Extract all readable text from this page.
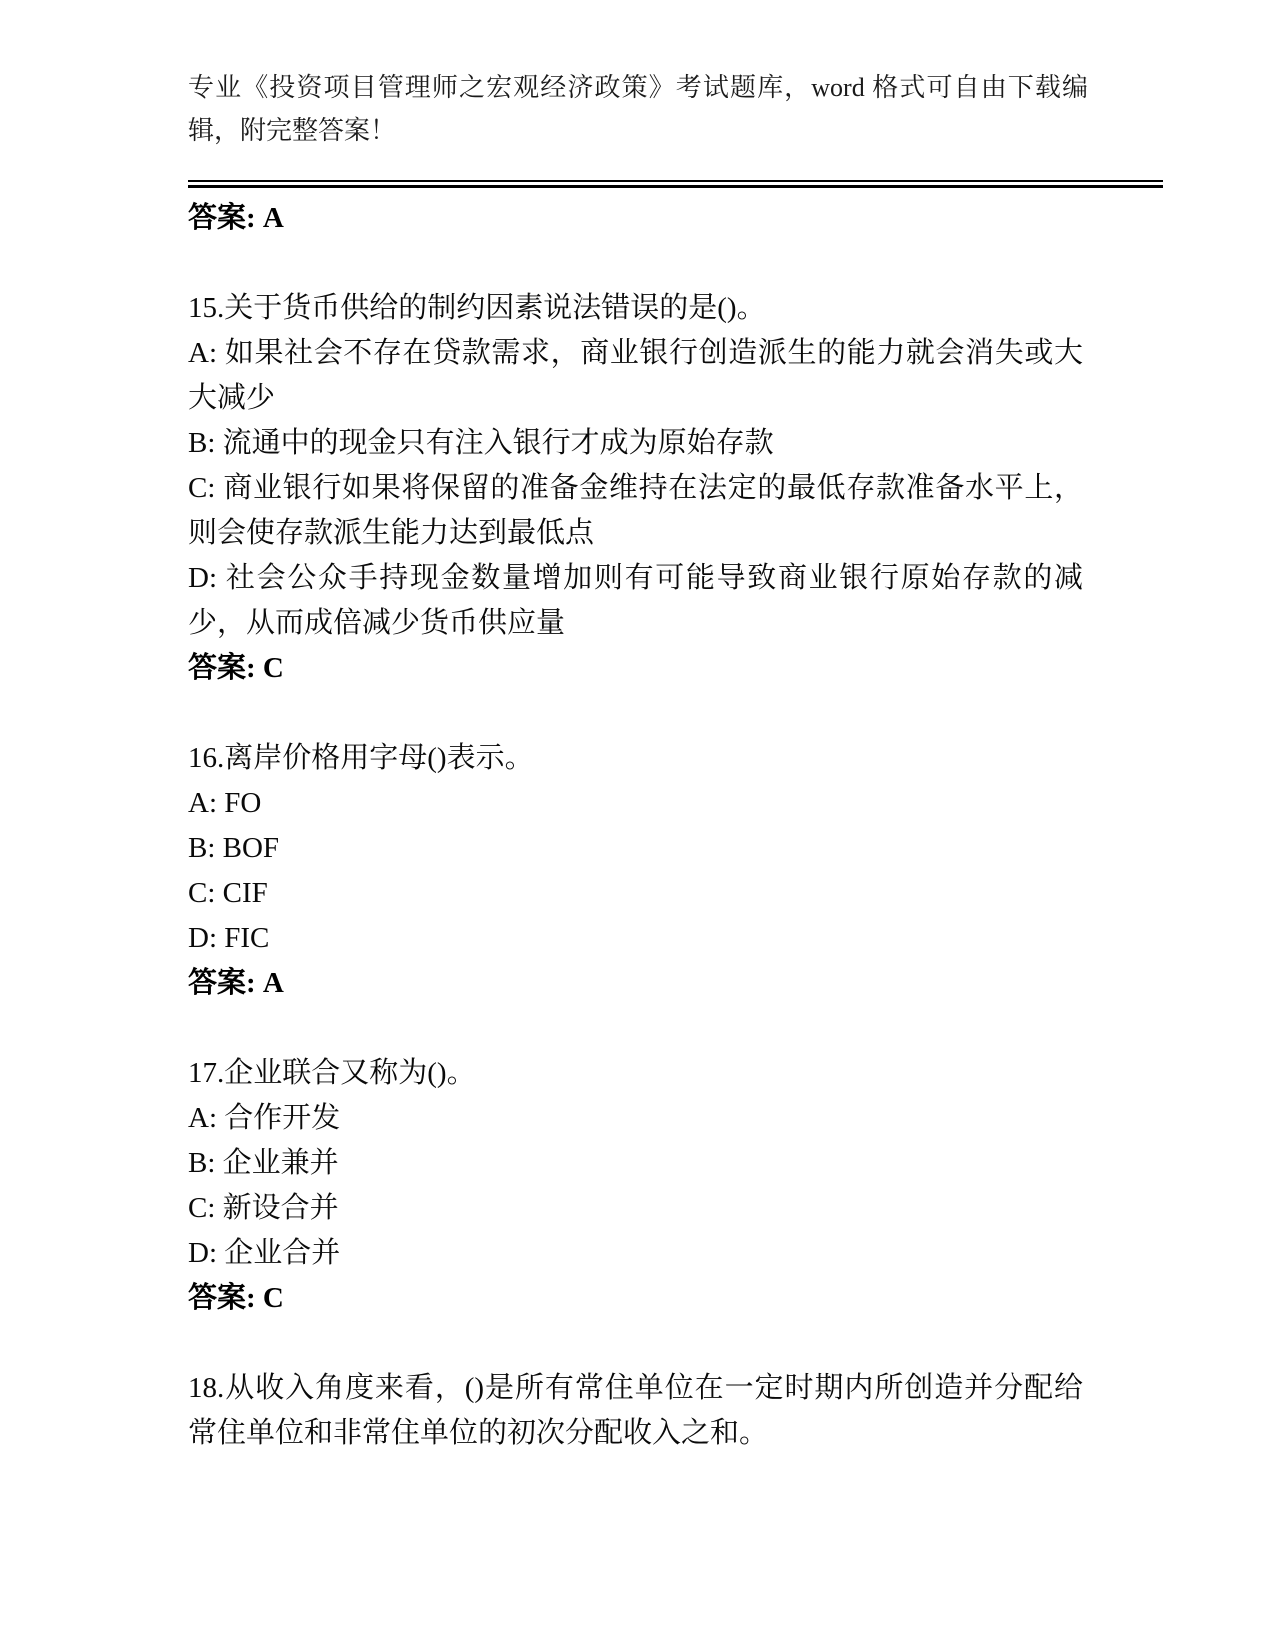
专业《投资项目管理师之宏观经济政策》考试题库，word 格式可自由下载编辑，附完整答案！

答案: A

15.关于货币供给的制约因素说法错误的是()。

A: 如果社会不存在贷款需求，商业银行创造派生的能力就会消失或大大减少

B: 流通中的现金只有注入银行才成为原始存款

C: 商业银行如果将保留的准备金维持在法定的最低存款准备水平上，则会使存款派生能力达到最低点

D: 社会公众手持现金数量增加则有可能导致商业银行原始存款的减少，从而成倍减少货币供应量

答案: C

16.离岸价格用字母()表示。

A: FO

B: BOF

C: CIF

D: FIC

答案: A

17.企业联合又称为()。

A: 合作开发

B: 企业兼并

C: 新设合并

D: 企业合并

答案: C

18.从收入角度来看，()是所有常住单位在一定时期内所创造并分配给常住单位和非常住单位的初次分配收入之和。
